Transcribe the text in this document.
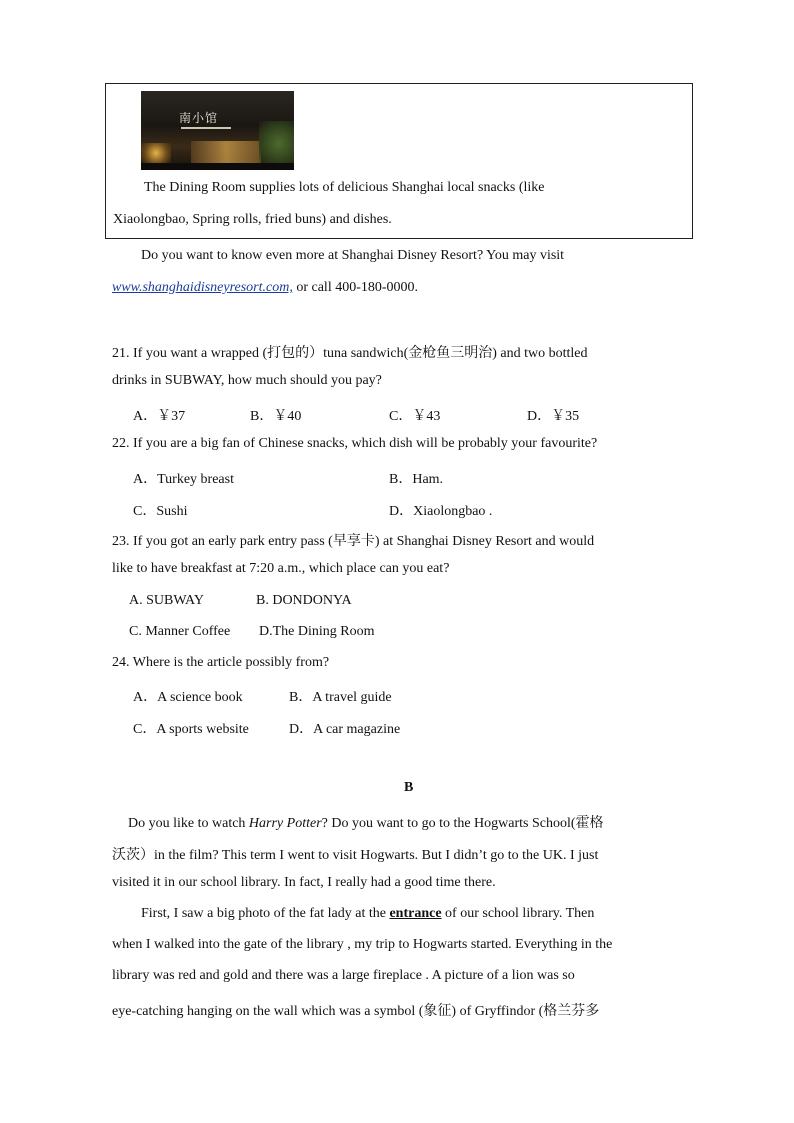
南小馆
The Dining Room supplies lots of delicious Shanghai local snacks (like
Xiaolongbao, Spring rolls, fried buns) and dishes.
Do you want to know even more at Shanghai Disney Resort? You may visit
www.shanghaidisneyresort.com, or call 400-180-0000.
21. If you want a wrapped (打包的）tuna sandwich(金枪鱼三明治) and two bottled
drinks in SUBWAY, how much should you pay?
A．￥37	B．￥40	C．￥43	D．￥35
22. If you are a big fan of Chinese snacks, which dish will be probably your favourite?
A．Turkey breast	B．Ham.
C．Sushi	D．Xiaolongbao .
23. If you got an early park entry pass (早享卡) at Shanghai Disney Resort and would
like to have breakfast at 7:20 a.m., which place can you eat?
A. SUBWAY	B. DONDONYA
C. Manner Coffee D.The Dining Room
24. Where is the article possibly from?
A．A science book	B．A travel guide
C．A sports website	D．A car magazine
B
Do you like to watch Harry Potter? Do you want to go to the Hogwarts School(霍格
沃茨）in the film? This term I went to visit Hogwarts. But I didn’t go to the UK. I just
visited it in our school library. In fact, I really had a good time there.
First, I saw a big photo of the fat lady at the entrance of our school library. Then
when I walked into the gate of the library , my trip to Hogwarts started. Everything in the
library was red and gold and there was a large fireplace . A picture of a lion was so
eye-catching hanging on the wall which was a symbol (象征) of Gryffindor (格兰芬多
